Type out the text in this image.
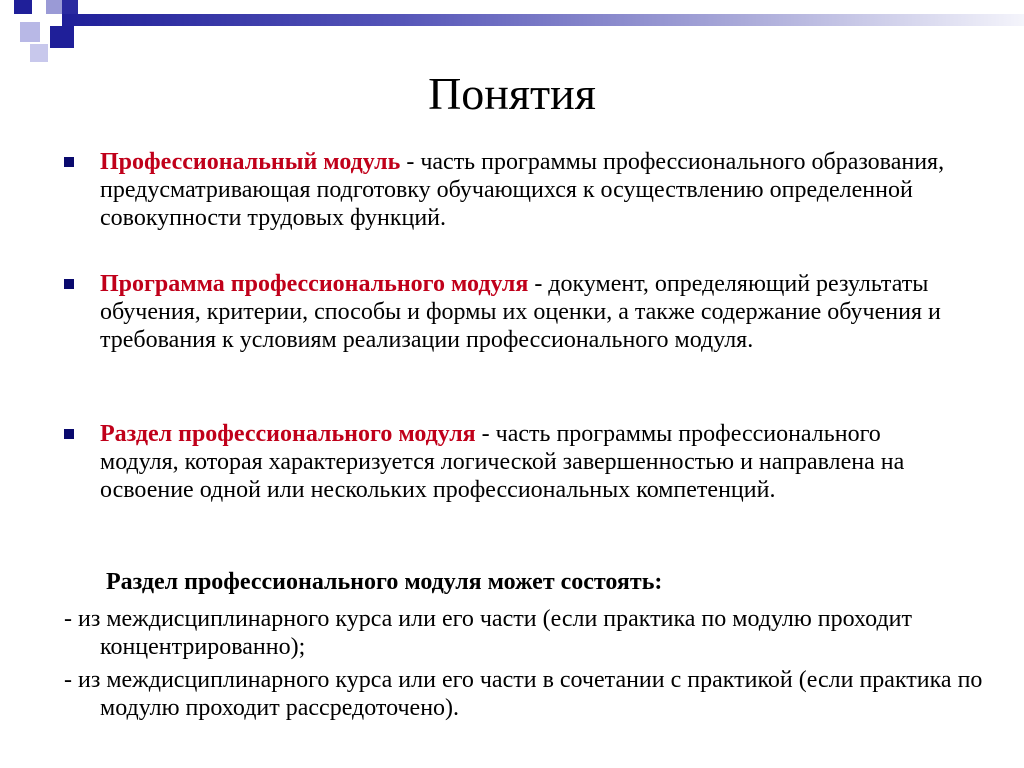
Понятия
Профессиональный модуль - часть программы профессионального образования, предусматривающая подготовку обучающихся к осуществлению определенной совокупности трудовых функций.
Программа профессионального модуля - документ, определяющий результаты обучения, критерии, способы и формы их оценки, а также содержание обучения и требования к условиям реализации профессионального модуля.
Раздел профессионального модуля - часть программы профессионального модуля, которая характеризуется логической завершенностью и направлена на освоение одной или нескольких профессиональных компетенций.
Раздел профессионального модуля может состоять:
- из междисциплинарного курса или его части (если практика по модулю проходит концентрированно);
- из междисциплинарного курса или его части в сочетании с практикой (если практика по модулю проходит рассредоточено).
